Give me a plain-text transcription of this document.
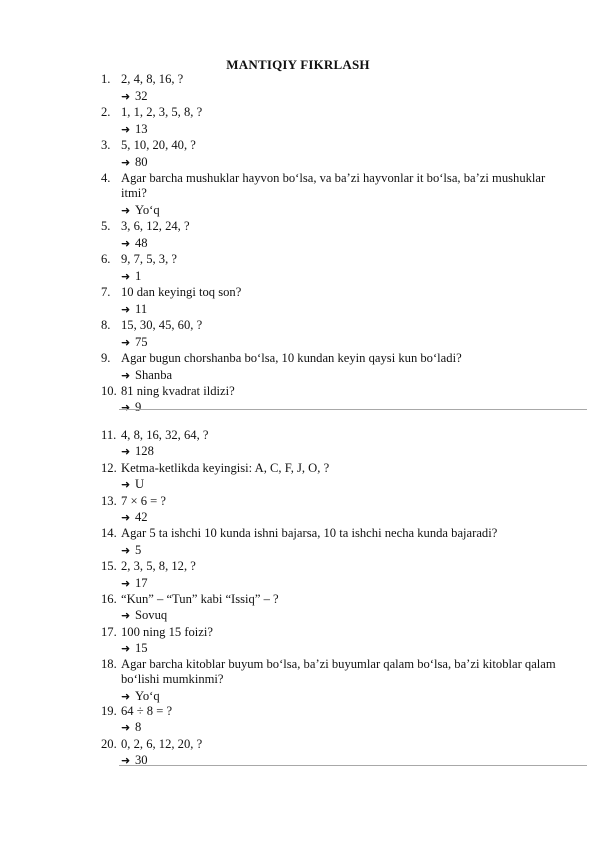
MANTIQIY FIKRLASH
1. 2, 4, 8, 16, ?
➜ 32
2. 1, 1, 2, 3, 5, 8, ?
➜ 13
3. 5, 10, 20, 40, ?
➜ 80
4. Agar barcha mushuklar hayvon bo‘lsa, va ba’zi hayvonlar it bo‘lsa, ba’zi mushuklar itmi?
➜ Yo‘q
5. 3, 6, 12, 24, ?
➜ 48
6. 9, 7, 5, 3, ?
➜ 1
7. 10 dan keyingi toq son?
➜ 11
8. 15, 30, 45, 60, ?
➜ 75
9. Agar bugun chorshanba bo‘lsa, 10 kundan keyin qaysi kun bo‘ladi?
➜ Shanba
10. 81 ning kvadrat ildizi?
➜ 9
11. 4, 8, 16, 32, 64, ?
➜ 128
12. Ketma-ketlikda keyingisi: A, C, F, J, O, ?
➜ U
13. 7 × 6 = ?
➜ 42
14. Agar 5 ta ishchi 10 kunda ishni bajarsa, 10 ta ishchi necha kunda bajaradi?
➜ 5
15. 2, 3, 5, 8, 12, ?
➜ 17
16. “Kun” – “Tun” kabi “Issiq” – ?
➜ Sovuq
17. 100 ning 15 foizi?
➜ 15
18. Agar barcha kitoblar buyum bo‘lsa, ba’zi buyumlar qalam bo‘lsa, ba’zi kitoblar qalam bo‘lishi mumkinmi?
➜ Yo‘q
19. 64 ÷ 8 = ?
➜ 8
20. 0, 2, 6, 12, 20, ?
➜ 30
